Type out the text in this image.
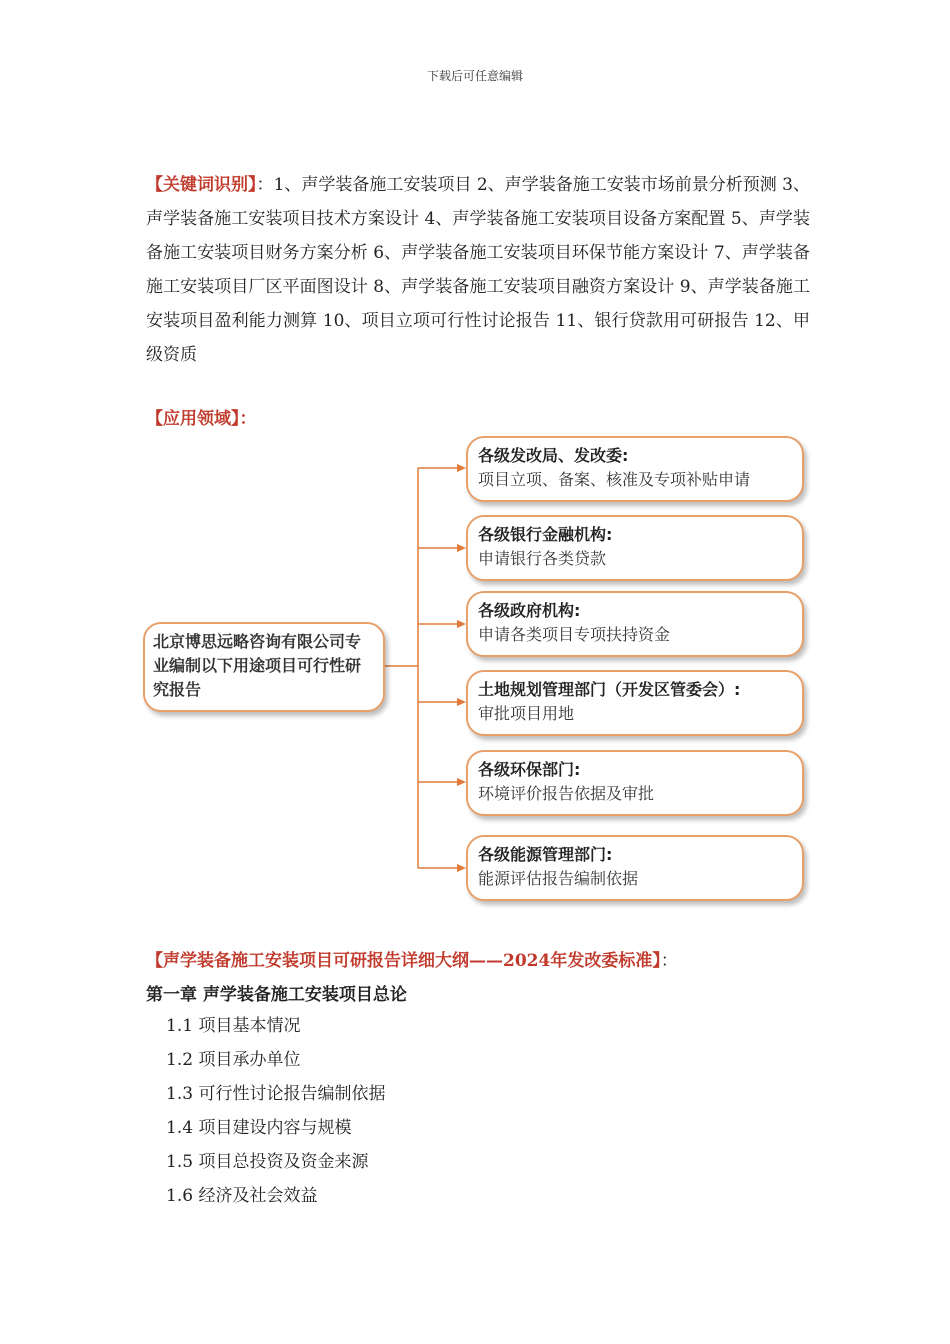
下载后可任意编辑
【关键词识别】：1、声学装备施工安装项目 2、声学装备施工安装市场前景分析预测 3、声学装备施工安装项目技术方案设计 4、声学装备施工安装项目设备方案配置 5、声学装备施工安装项目财务方案分析 6、声学装备施工安装项目环保节能方案设计 7、声学装备施工安装项目厂区平面图设计 8、声学装备施工安装项目融资方案设计 9、声学装备施工安装项目盈利能力测算 10、项目立项可行性讨论报告 11、银行贷款用可研报告 12、甲级资质
【应用领域】：
北京博思远略咨询有限公司专业编制以下用途项目可行性研究报告
各级发改局、发改委:
项目立项、备案、核准及专项补贴申请
各级银行金融机构:
申请银行各类贷款
各级政府机构:
申请各类项目专项扶持资金
土地规划管理部门（开发区管委会）:
审批项目用地
各级环保部门:
环境评价报告依据及审批
各级能源管理部门:
能源评估报告编制依据
【声学装备施工安装项目可研报告详细大纲——2024年发改委标准】：
第一章 声学装备施工安装项目总论
1.1 项目基本情况
1.2 项目承办单位
1.3 可行性讨论报告编制依据
1.4 项目建设内容与规模
1.5 项目总投资及资金来源
1.6 经济及社会效益
